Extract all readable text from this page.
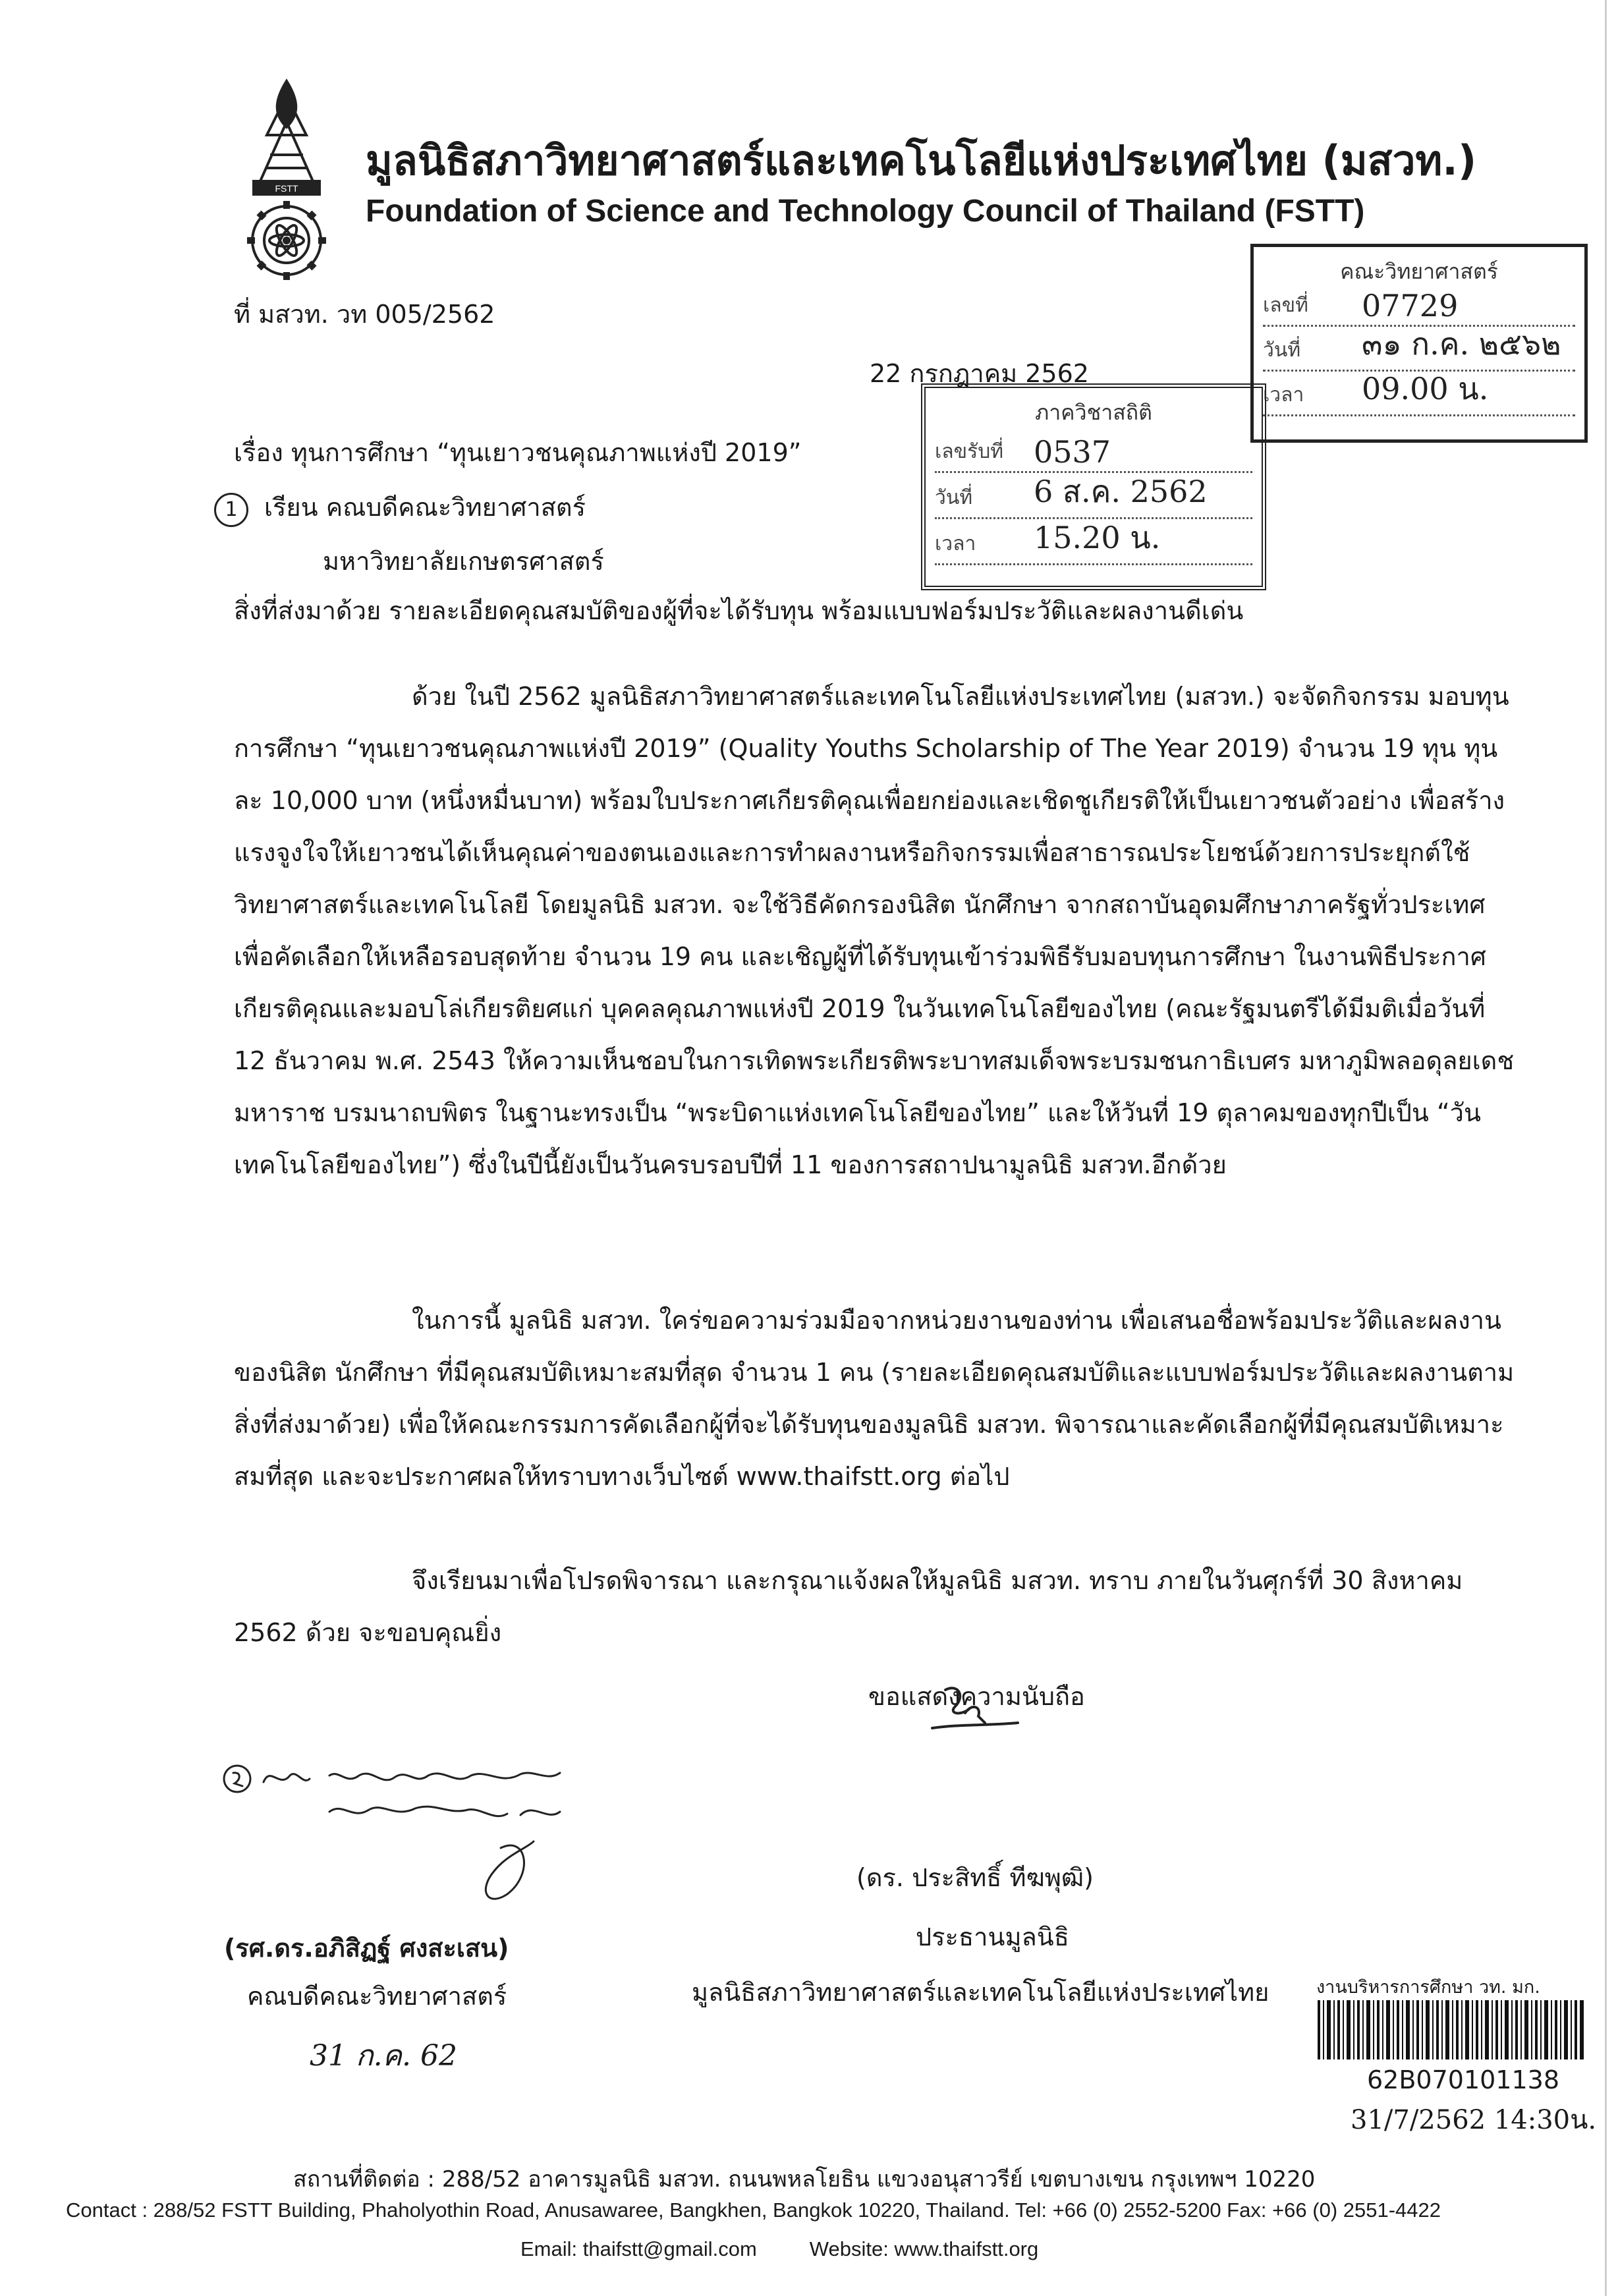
FSTT
มูลนิธิสภาวิทยาศาสตร์และเทคโนโลยีแห่งประเทศไทย (มสวท.)
Foundation of Science and Technology Council of Thailand (FSTT)
ที่ มสวท. วท 005/2562
22 กรกฎาคม 2562
คณะวิทยาศาสตร์
เลขที่ 07729
วันที่ ๓๑ ก.ค. ๒๕๖๒
เวลา 09.00 น.
ภาควิชาสถิติ
เลขรับที่ 0537
วันที่ 6 ส.ค. 2562
เวลา 15.20 น.
เรื่อง ทุนการศึกษา “ทุนเยาวชนคุณภาพแห่งปี 2019”
1 เรียน คณบดีคณะวิทยาศาสตร์
มหาวิทยาลัยเกษตรศาสตร์
สิ่งที่ส่งมาด้วย รายละเอียดคุณสมบัติของผู้ที่จะได้รับทุน พร้อมแบบฟอร์มประวัติและผลงานดีเด่น
ด้วย ในปี 2562 มูลนิธิสภาวิทยาศาสตร์และเทคโนโลยีแห่งประเทศไทย (มสวท.) จะจัดกิจกรรม มอบทุนการศึกษา “ทุนเยาวชนคุณภาพแห่งปี 2019” (Quality Youths Scholarship of The Year 2019) จำนวน 19 ทุน ทุนละ 10,000 บาท (หนึ่งหมื่นบาท) พร้อมใบประกาศเกียรติคุณเพื่อยกย่องและเชิดชูเกียรติให้เป็นเยาวชนตัวอย่าง เพื่อสร้างแรงจูงใจให้เยาวชนได้เห็นคุณค่าของตนเองและการทำผลงานหรือกิจกรรมเพื่อสาธารณประโยชน์ด้วยการประยุกต์ใช้วิทยาศาสตร์และเทคโนโลยี โดยมูลนิธิ มสวท. จะใช้วิธีคัดกรองนิสิต นักศึกษา จากสถาบันอุดมศึกษาภาครัฐทั่วประเทศ เพื่อคัดเลือกให้เหลือรอบสุดท้าย จำนวน 19 คน และเชิญผู้ที่ได้รับทุนเข้าร่วมพิธีรับมอบทุนการศึกษา ในงานพิธีประกาศเกียรติคุณและมอบโล่เกียรติยศแก่ บุคคลคุณภาพแห่งปี 2019 ในวันเทคโนโลยีของไทย (คณะรัฐมนตรีได้มีมติเมื่อวันที่ 12 ธันวาคม พ.ศ. 2543 ให้ความเห็นชอบในการเทิดพระเกียรติพระบาทสมเด็จพระบรมชนกาธิเบศร มหาภูมิพลอดุลยเดชมหาราช บรมนาถบพิตร ในฐานะทรงเป็น “พระบิดาแห่งเทคโนโลยีของไทย” และให้วันที่ 19 ตุลาคมของทุกปีเป็น “วันเทคโนโลยีของไทย”) ซึ่งในปีนี้ยังเป็นวันครบรอบปีที่ 11 ของการสถาปนามูลนิธิ มสวท.อีกด้วย
ในการนี้ มูลนิธิ มสวท. ใคร่ขอความร่วมมือจากหน่วยงานของท่าน เพื่อเสนอชื่อพร้อมประวัติและผลงานของนิสิต นักศึกษา ที่มีคุณสมบัติเหมาะสมที่สุด จำนวน 1 คน (รายละเอียดคุณสมบัติและแบบฟอร์มประวัติและผลงานตามสิ่งที่ส่งมาด้วย) เพื่อให้คณะกรรมการคัดเลือกผู้ที่จะได้รับทุนของมูลนิธิ มสวท. พิจารณาและคัดเลือกผู้ที่มีคุณสมบัติเหมาะสมที่สุด และจะประกาศผลให้ทราบทางเว็บไซต์ www.thaifstt.org ต่อไป
จึงเรียนมาเพื่อโปรดพิจารณา และกรุณาแจ้งผลให้มูลนิธิ มสวท. ทราบ ภายในวันศุกร์ที่ 30 สิงหาคม 2562 ด้วย จะขอบคุณยิ่ง
ขอแสดงความนับถือ
(ดร. ประสิทธิ์ ทีฆพุฒิ)
ประธานมูลนิธิ
มูลนิธิสภาวิทยาศาสตร์และเทคโนโลยีแห่งประเทศไทย
(รศ.ดร.อภิสิฏฐ์ ศงสะเสน)
คณบดีคณะวิทยาศาสตร์
31 ก.ค. 62
งานบริหารการศึกษา วท. มก.
62B070101138
31/7/2562 14:30น.
สถานที่ติดต่อ : 288/52 อาคารมูลนิธิ มสวท. ถนนพหลโยธิน แขวงอนุสาวรีย์ เขตบางเขน กรุงเทพฯ 10220
Contact : 288/52 FSTT Building, Phaholyothin Road, Anusawaree, Bangkhen, Bangkok 10220, Thailand. Tel: +66 (0) 2552-5200 Fax: +66 (0) 2551-4422
Email: thaifstt@gmail.com	Website: www.thaifstt.org
